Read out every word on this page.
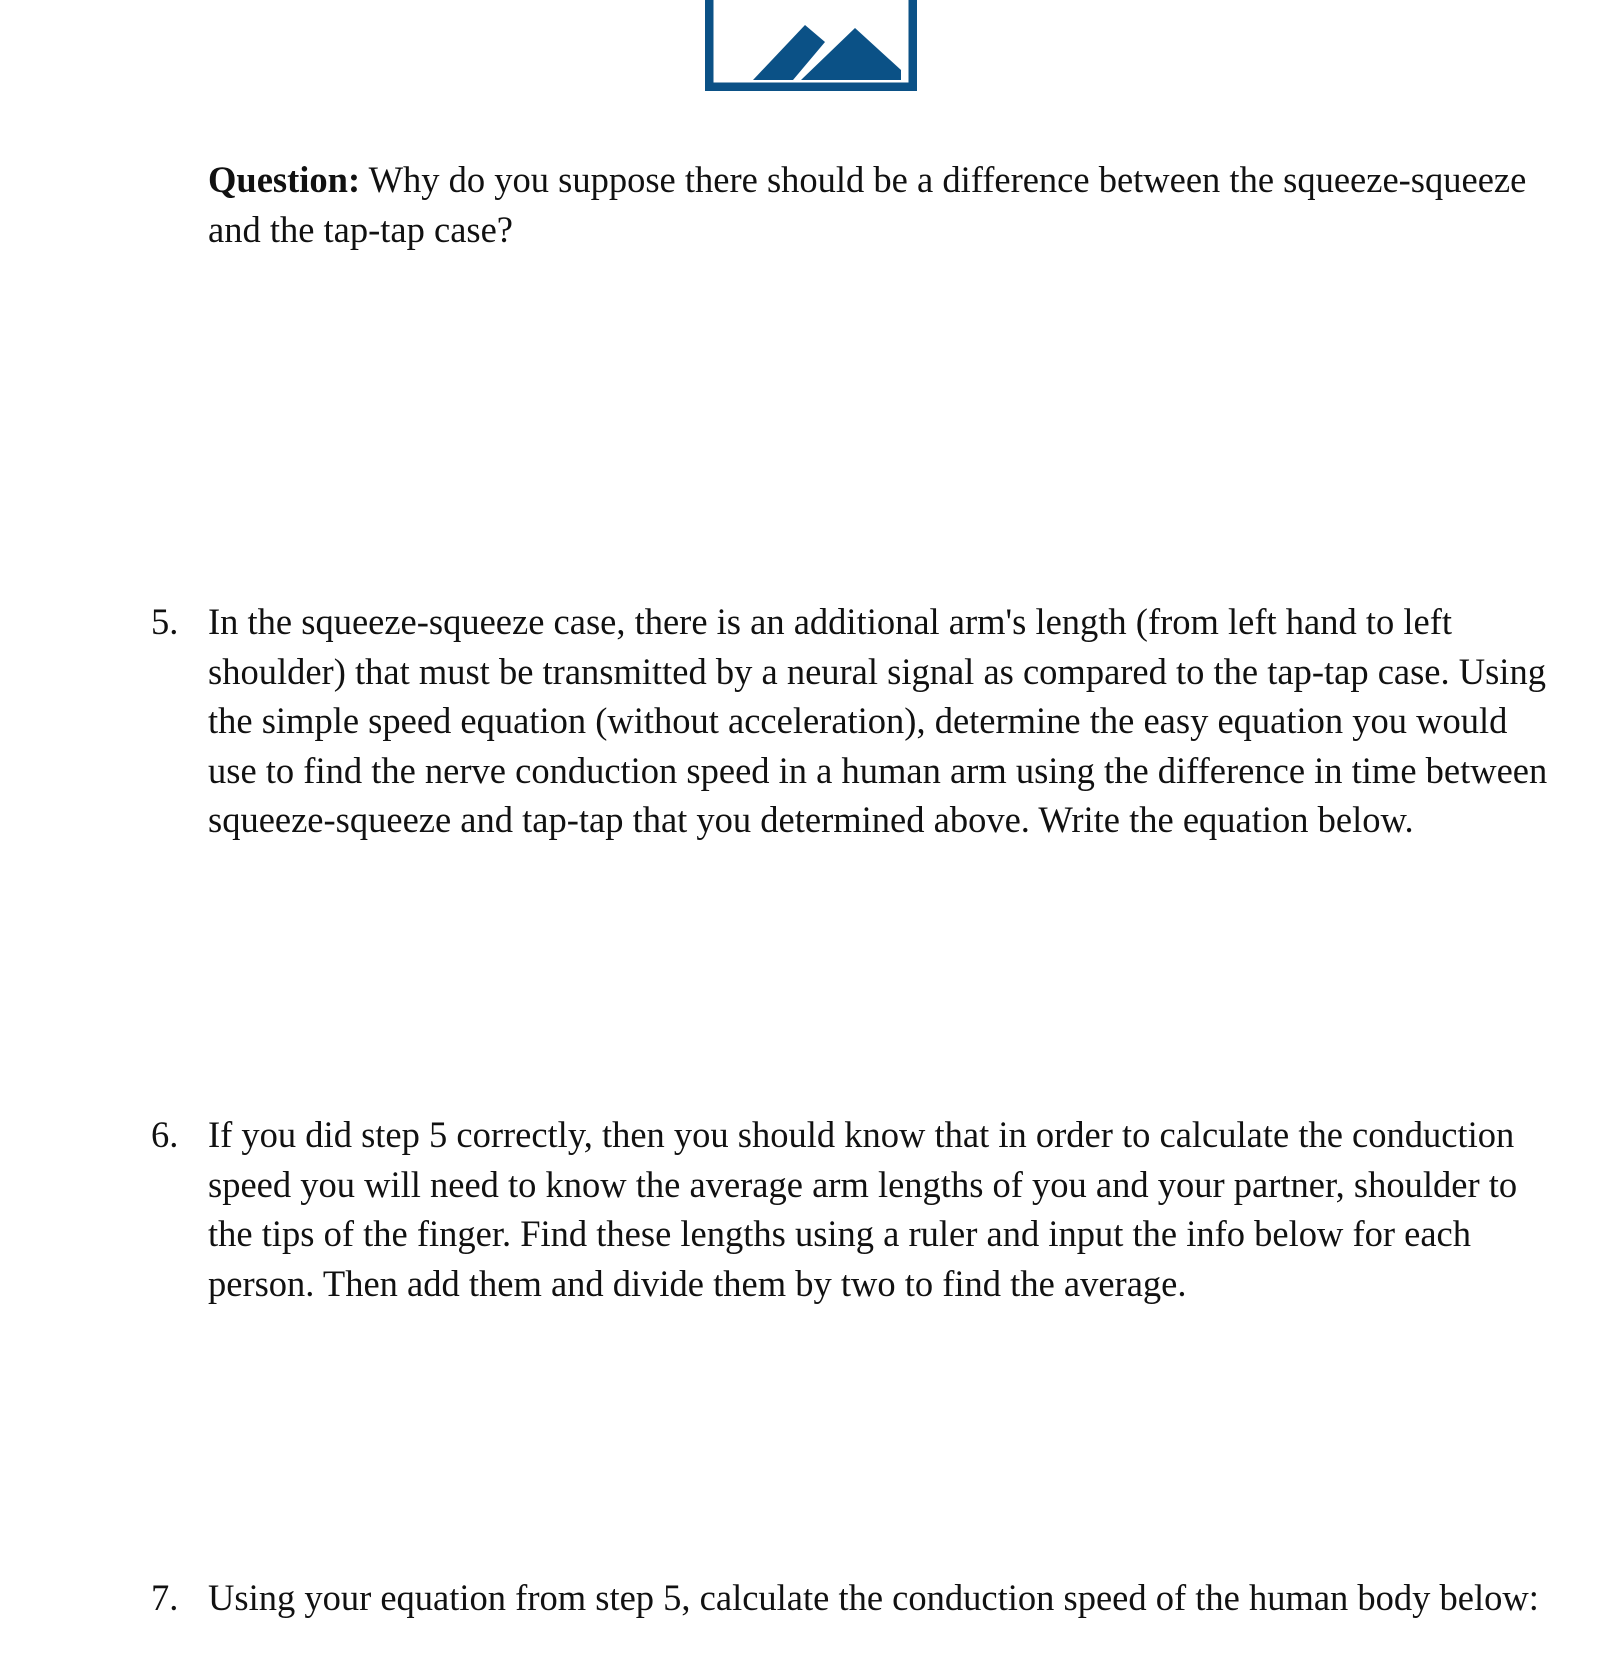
Question: Why do you suppose there should be a difference between the squeeze-squeeze
and the tap-tap case?
5. In the squeeze-squeeze case, there is an additional arm's length (from left hand to left
shoulder) that must be transmitted by a neural signal as compared to the tap-tap case. Using
the simple speed equation (without acceleration), determine the easy equation you would
use to find the nerve conduction speed in a human arm using the difference in time between
squeeze-squeeze and tap-tap that you determined above. Write the equation below.
6. If you did step 5 correctly, then you should know that in order to calculate the conduction
speed you will need to know the average arm lengths of you and your partner, shoulder to
the tips of the finger. Find these lengths using a ruler and input the info below for each
person. Then add them and divide them by two to find the average.
7. Using your equation from step 5, calculate the conduction speed of the human body below:
